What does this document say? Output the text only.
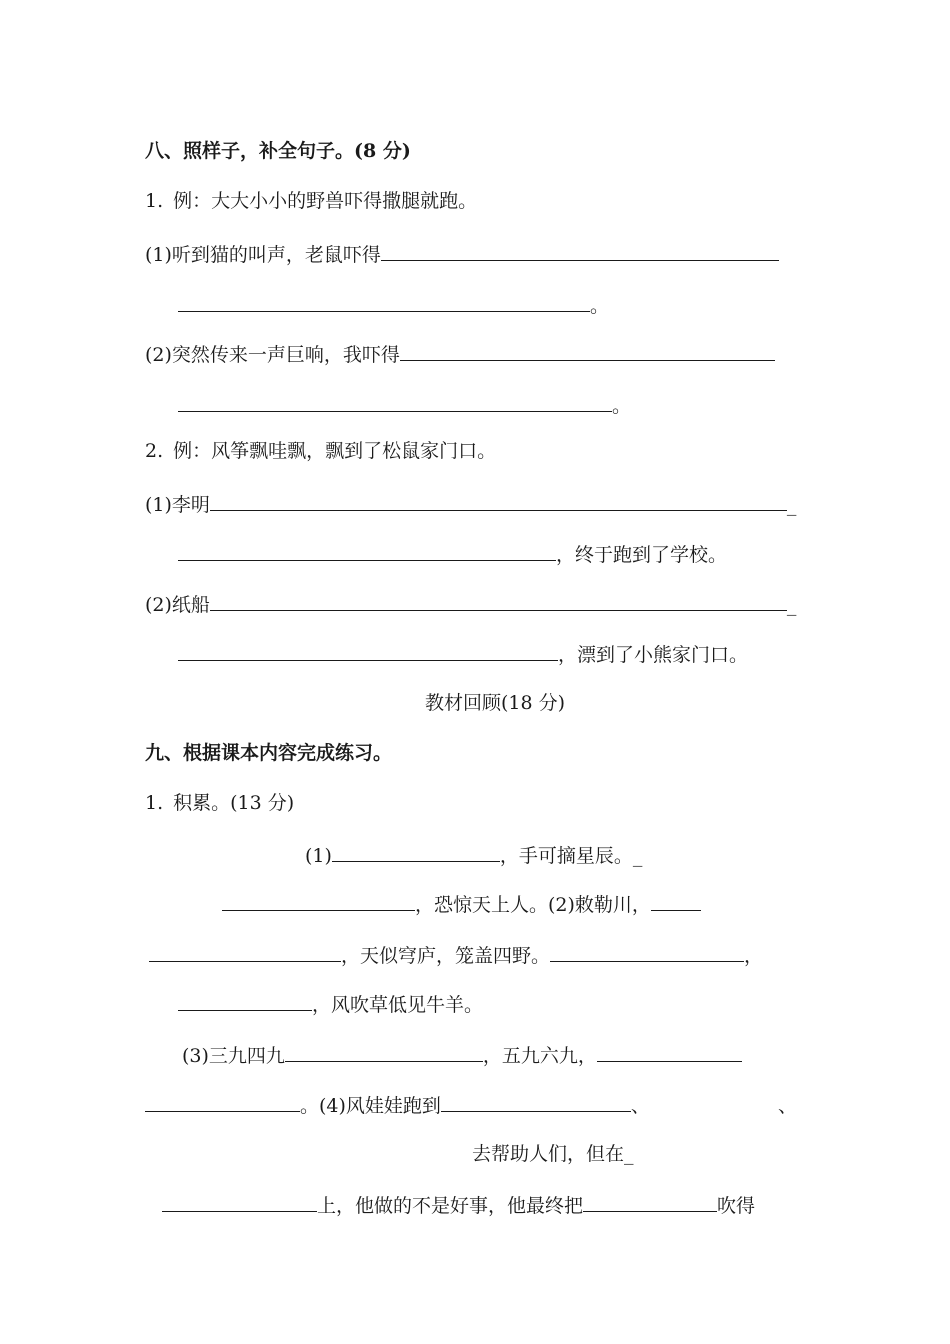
八、照样子，补全句子。(8 分)
1. 例：大大小小的野兽吓得撒腿就跑。
(1)听到猫的叫声，老鼠吓得
。
(2)突然传来一声巨响，我吓得
。
2. 例：风筝飘哇飘，飘到了松鼠家门口。
(1)李明	_
，终于跑到了学校。
(2)纸船	_
，漂到了小熊家门口。
教材回顾(18 分)
九、根据课本内容完成练习。
1. 积累。(13 分)
(1)	，手可摘星辰。_
，恐惊天上人。(2)敕勒川，
，天似穹庐，笼盖四野。	，
，风吹草低见牛羊。
(3)三九四九	，五九六九，
。(4)风娃娃跑到	、	、
去帮助人们，但在_
上，他做的不是好事，他最终把	吹得
